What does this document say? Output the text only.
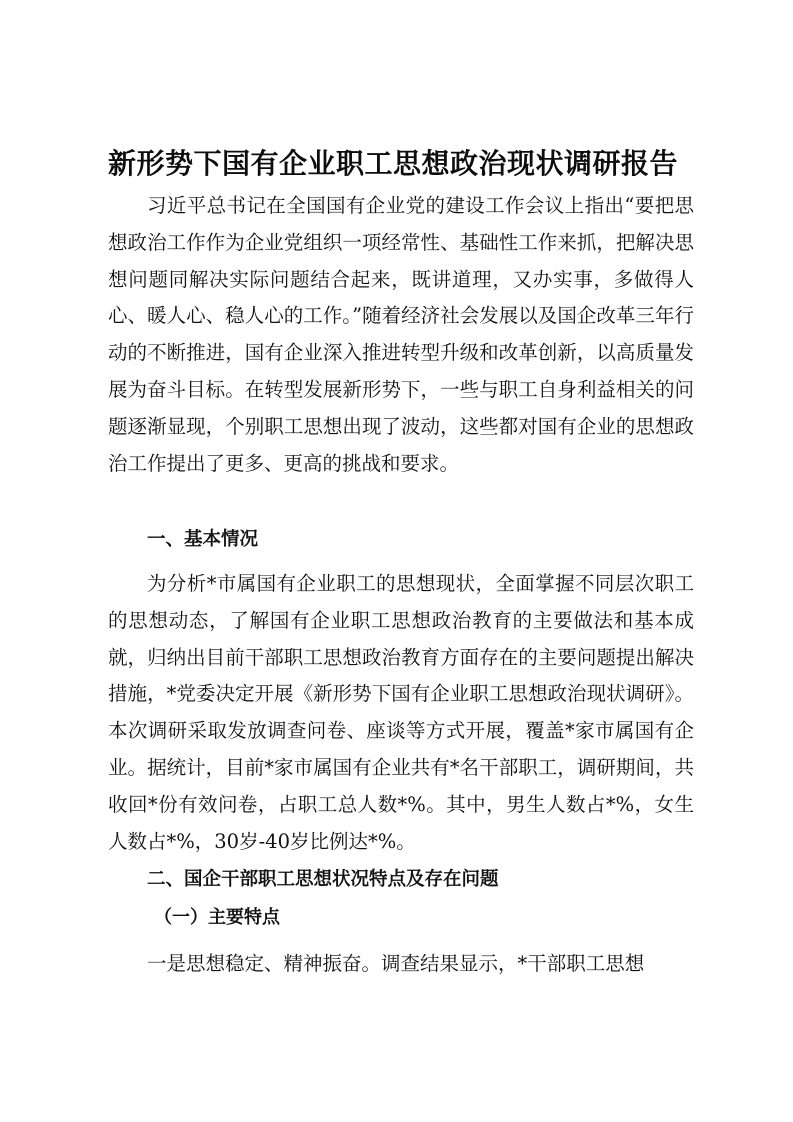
新形势下国有企业职工思想政治现状调研报告

习近平总书记在全国国有企业党的建设工作会议上指出“要把思想政治工作作为企业党组织一项经常性、基础性工作来抓，把解决思想问题同解决实际问题结合起来，既讲道理，又办实事，多做得人心、暖人心、稳人心的工作。”随着经济社会发展以及国企改革三年行动的不断推进，国有企业深入推进转型升级和改革创新，以高质量发展为奋斗目标。在转型发展新形势下，一些与职工自身利益相关的问题逐渐显现，个别职工思想出现了波动，这些都对国有企业的思想政治工作提出了更多、更高的挑战和要求。

一、基本情况

为分析*市属国有企业职工的思想现状，全面掌握不同层次职工的思想动态，了解国有企业职工思想政治教育的主要做法和基本成就，归纳出目前干部职工思想政治教育方面存在的主要问题提出解决措施，*党委决定开展《新形势下国有企业职工思想政治现状调研》。本次调研采取发放调查问卷、座谈等方式开展，覆盖*家市属国有企业。据统计，目前*家市属国有企业共有*名干部职工，调研期间，共收回*份有效问卷，占职工总人数*%。其中，男生人数占*%，女生人数占*%，30岁-40岁比例达*%。

二、国企干部职工思想状况特点及存在问题
（一）主要特点

一是思想稳定、精神振奋。调查结果显示，*干部职工思想
